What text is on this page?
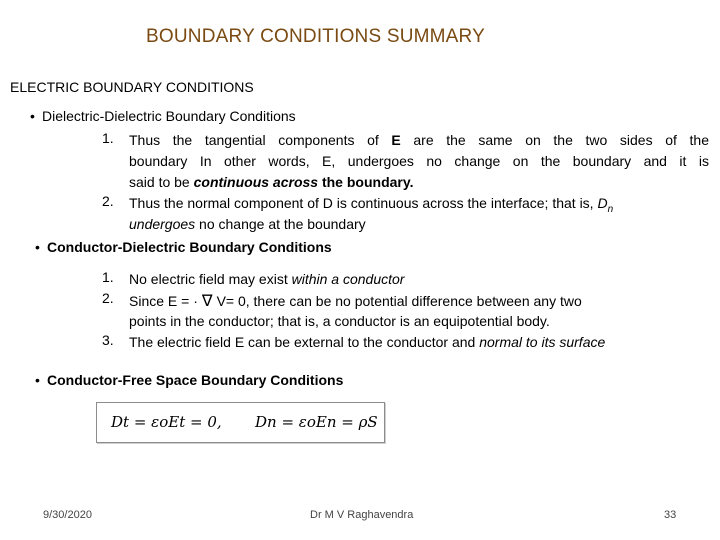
BOUNDARY CONDITIONS SUMMARY
ELECTRIC BOUNDARY CONDITIONS
• Dielectric-Dielectric Boundary Conditions
1. Thus the tangential components of E are the same on the two sides of the
boundary In other words, E, undergoes no change on the boundary and it is
said to be continuous across the boundary.
2. Thus the normal component of D is continuous across the interface; that is, $D_n$
undergoes no change at the boundary
• Conductor-Dielectric Boundary Conditions
1. No electric field may exist within a conductor
2. Since E = · ∇ V= 0, there can be no potential difference between any two
points in the conductor; that is, a conductor is an equipotential body.
3. The electric field E can be external to the conductor and normal to its surface
• Conductor-Free Space Boundary Conditions
Dt = εoEt = 0, Dn = εoEn = ρS
9/30/2020	Dr M V Raghavendra	33
